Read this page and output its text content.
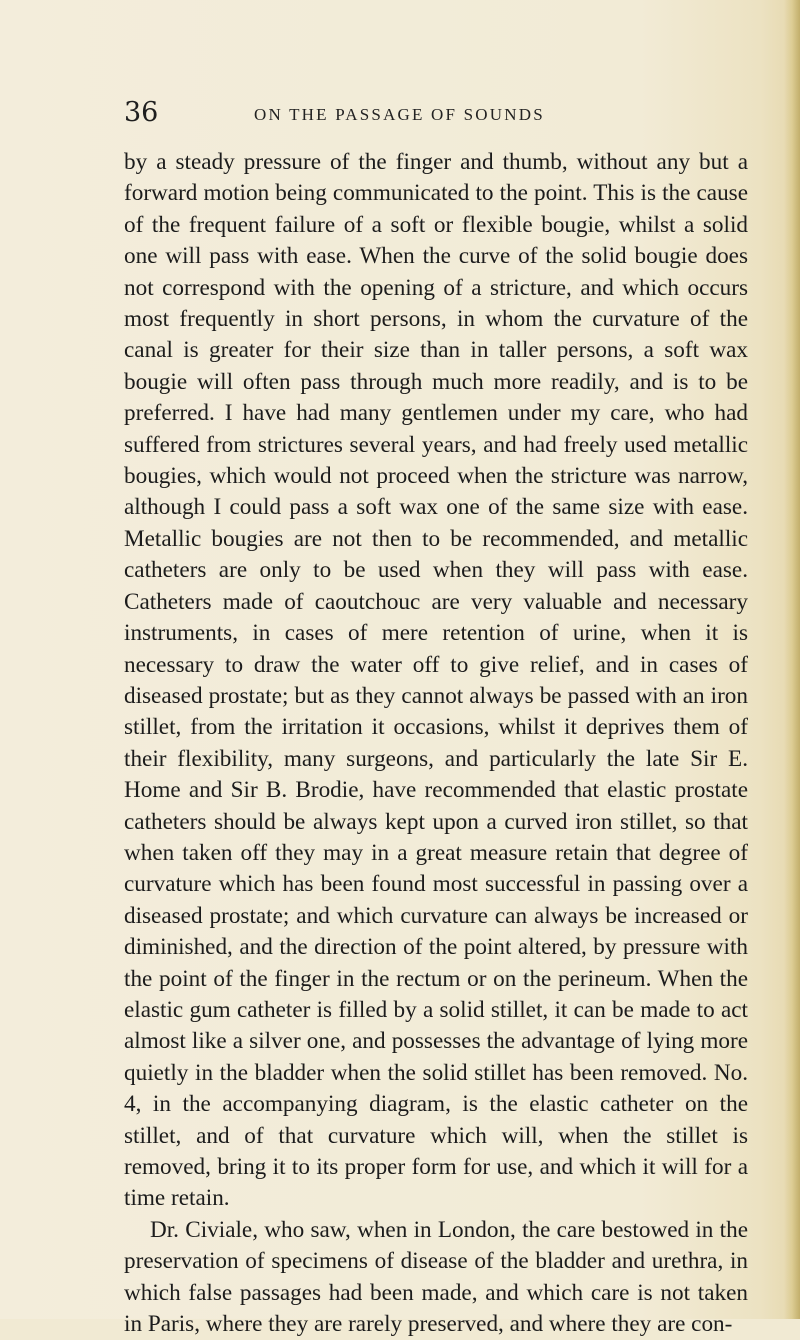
36	ON THE PASSAGE OF SOUNDS

by a steady pressure of the finger and thumb, without any but a forward motion being communicated to the point. This is the cause of the frequent failure of a soft or flexible bougie, whilst a solid one will pass with ease. When the curve of the solid bougie does not correspond with the opening of a stricture, and which occurs most frequently in short persons, in whom the curvature of the canal is greater for their size than in taller persons, a soft wax bougie will often pass through much more readily, and is to be preferred. I have had many gentlemen under my care, who had suffered from strictures several years, and had freely used metallic bougies, which would not proceed when the stricture was narrow, although I could pass a soft wax one of the same size with ease. Metallic bougies are not then to be recommended, and metallic catheters are only to be used when they will pass with ease. Catheters made of caoutchouc are very valuable and necessary instruments, in cases of mere retention of urine, when it is necessary to draw the water off to give relief, and in cases of diseased prostate; but as they cannot always be passed with an iron stillet, from the irritation it occasions, whilst it deprives them of their flexibility, many surgeons, and particularly the late Sir E. Home and Sir B. Brodie, have recommended that elastic prostate catheters should be always kept upon a curved iron stillet, so that when taken off they may in a great measure retain that degree of curvature which has been found most successful in passing over a diseased prostate; and which curvature can always be increased or diminished, and the direction of the point altered, by pressure with the point of the finger in the rectum or on the perineum. When the elastic gum catheter is filled by a solid stillet, it can be made to act almost like a silver one, and possesses the advantage of lying more quietly in the bladder when the solid stillet has been removed. No. 4, in the accompanying diagram, is the elastic catheter on the stillet, and of that curvature which will, when the stillet is removed, bring it to its proper form for use, and which it will for a time retain.

Dr. Civiale, who saw, when in London, the care bestowed in the preservation of specimens of disease of the bladder and urethra, in which false passages had been made, and which care is not taken in Paris, where they are rarely preserved, and where they are con-
